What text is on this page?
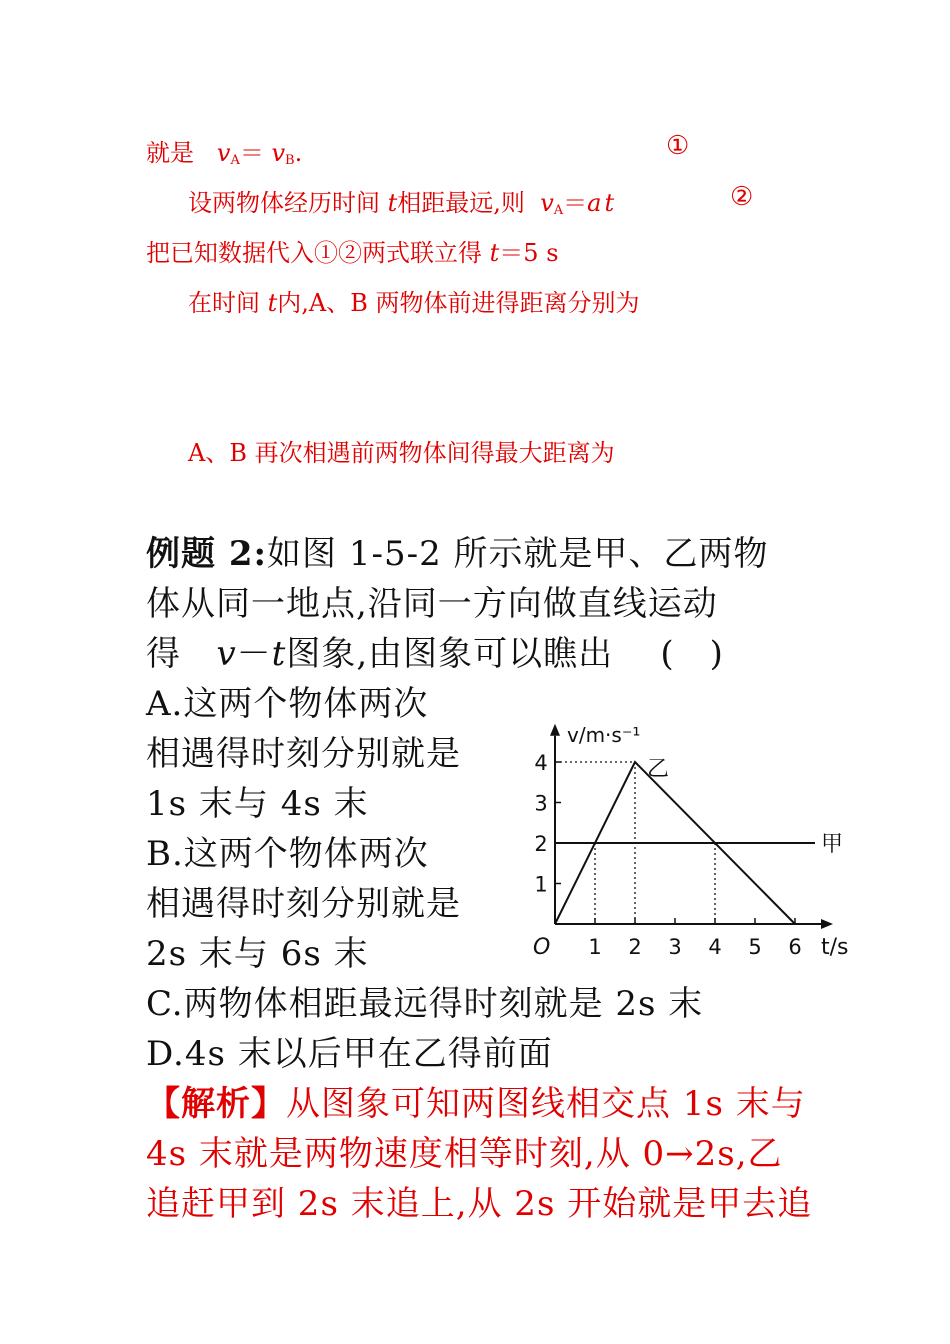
就是 $v_A= v_B$.	①
设两物体经历时间 t相距最远,则 $v_A=at$	②
把已知数据代入①②两式联立得 t＝5 s
在时间 t内,A、B 两物体前进得距离分别为
A、B 再次相遇前两物体间得最大距离为
例题 2:如图 1-5-2 所示就是甲、乙两物
体从同一地点,沿同一方向做直线运动
得 v－t图象,由图象可以瞧出 (　)
A.这两个物体两次
相遇得时刻分别就是
1s 末与 4s 末
B.这两个物体两次
相遇得时刻分别就是
2s 末与 6s 末
C.两物体相距最远得时刻就是 2s 末
D.4s 末以后甲在乙得前面
【解析】从图象可知两图线相交点 1s 末与
4s 末就是两物速度相等时刻,从 0→2s,乙
追赶甲到 2s 末追上,从 2s 开始就是甲去追
1 2 3 4 5 6
1
2
3
4
O
v/m·s⁻¹
t/s
乙
甲
